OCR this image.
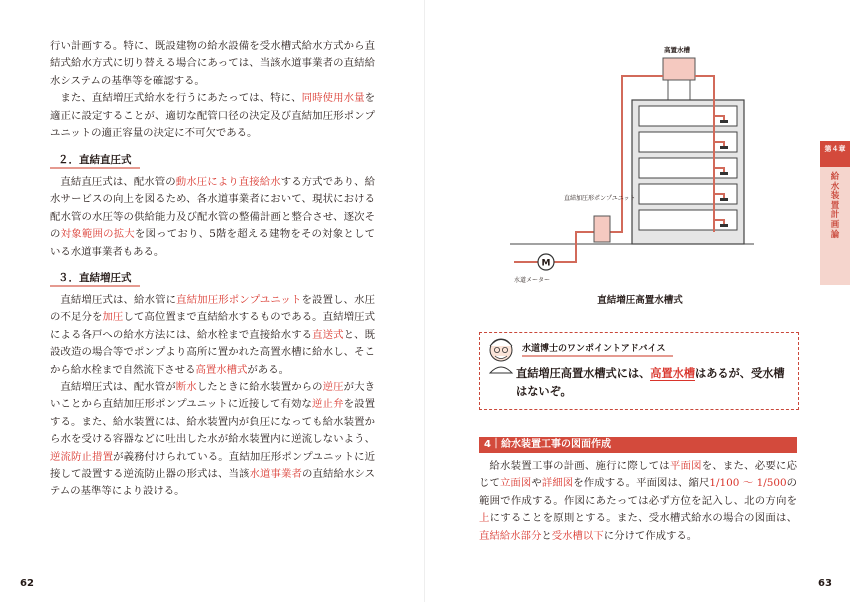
行い計画する。特に、既設建物の給水設備を受水槽式給水方式から直結式給水方式に切り替える場合にあっては、当該水道事業者の直結給水システムの基準等を確認する。

また、直結増圧式給水を行うにあたっては、特に、同時使用水量を適正に設定することが、適切な配管口径の決定及び直結加圧形ポンプユニットの適正容量の決定に不可欠である。

２．直結直圧式

直結直圧式は、配水管の動水圧により直接給水する方式であり、給水サービスの向上を図るため、各水道事業者において、現状における配水管の水圧等の供給能力及び配水管の整備計画と整合させ、逐次その対象範囲の拡大を図っており、5階を超える建物をその対象としている水道事業者もある。

３．直結増圧式

直結増圧式は、給水管に直結加圧形ポンプユニットを設置し、水圧の不足分を加圧して高位置まで直結給水するものである。直結増圧式による各戸への給水方法には、給水栓まで直接給水する直送式と、既設改造の場合等でポンプより高所に置かれた高置水槽に給水し、そこから給水栓まで自然流下させる高置水槽式がある。

直結増圧式は、配水管が断水したときに給水装置からの逆圧が大きいことから直結加圧形ポンプユニットに近接して有効な逆止弁を設置する。また、給水装置には、給水装置内が負圧になっても給水装置から水を受ける容器などに吐出した水が給水装置内に逆流しないよう、逆流防止措置が義務付けられている。直結加圧形ポンプユニットに近接して設置する逆流防止器の形式は、当該水道事業者の直結給水システムの基準等により設ける。

62
高置水槽
直結加圧形ポンプユニット
M
水道メーター
直結増圧高置水槽式
水道博士のワンポイントアドバイス
直結増圧高置水槽式には、高置水槽はあるが、受水槽はないぞ。
4｜給水装置工事の図面作成

給水装置工事の計画、施行に際しては平面図を、また、必要に応じて立面図や詳細図を作成する。平面図は、縮尺1/100 ～ 1/500の範囲で作成する。作図にあたっては必ず方位を記入し、北の方向を上にすることを原則とする。また、受水槽式給水の場合の図面は、直結給水部分と受水槽以下に分けて作成する。

63
第４章
給水装置計画論
